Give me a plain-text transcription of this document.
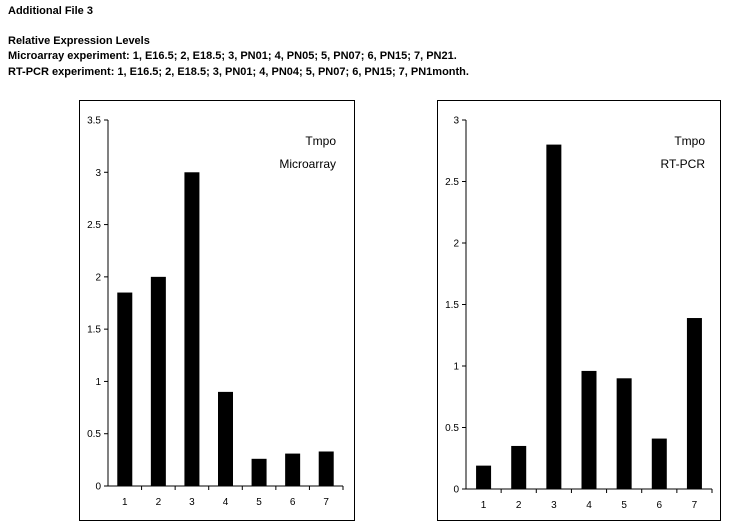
Additional File 3
Relative Expression Levels
Microarray experiment: 1, E16.5; 2, E18.5; 3, PN01; 4, PN05; 5, PN07; 6, PN15; 7, PN21.
RT-PCR experiment: 1, E16.5; 2, E18.5; 3, PN01; 4, PN04; 5, PN07; 6, PN15; 7, PN1month.
0
0.5
1
1.5
2
2.5
3
3.5
1	2	3	4	5	6	7
Tmpo
Microarray
0
0.5
1
1.5
2
2.5
3
1	2	3	4	5	6	7
Tmpo
RT-PCR
